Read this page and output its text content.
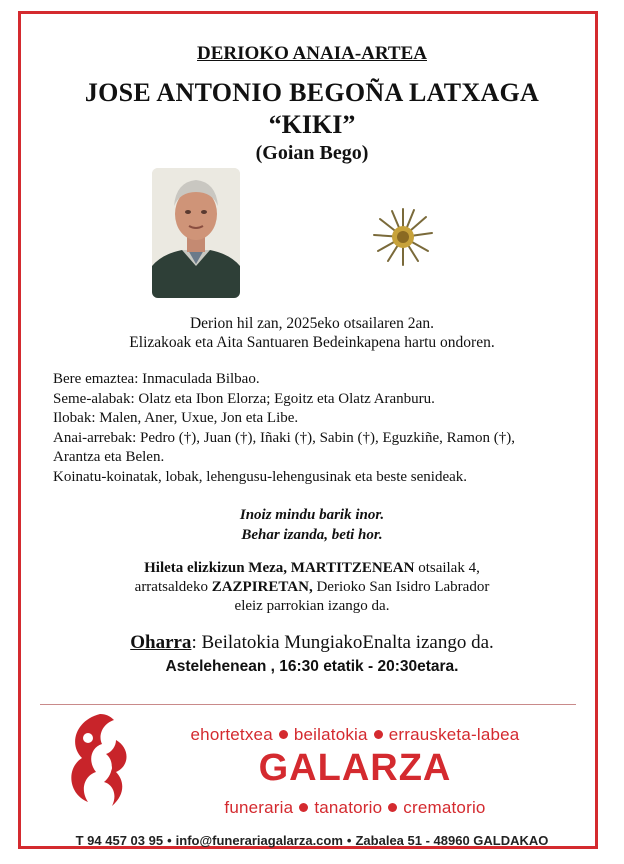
DERIOKO ANAIA-ARTEA
JOSE ANTONIO BEGOÑA LATXAGA
“KIKI”
(Goian Bego)
Derion hil zan, 2025eko otsailaren 2an.
Elizakoak eta Aita Santuaren Bedeinkapena hartu ondoren.
Bere emaztea: Inmaculada Bilbao.
Seme-alabak: Olatz eta Ibon Elorza; Egoitz eta Olatz Aranburu.
Ilobak: Malen, Aner, Uxue, Jon eta Libe.
Anai-arrebak: Pedro (†), Juan (†), Iñaki (†), Sabin (†), Eguzkiñe, Ramon (†),
Arantza eta Belen.
Koinatu-koinatak, lobak, lehengusu-lehengusinak eta beste senideak.
Inoiz mindu barik inor.
Behar izanda, beti hor.
Hileta elizkizun Meza, MARTITZENEAN otsailak 4,
arratsaldeko ZAZPIRETAN, Derioko San Isidro Labrador
eleiz parrokian izango da.
Oharra: Beilatokia MungiakoEnalta izango da.
Astelehenean , 16:30 etatik - 20:30etara.
ehortetxea beilatokia errausketa-labea
GALARZA
funeraria tanatorio crematorio
T 94 457 03 95 • info@funerariagalarza.com • Zabalea 51 - 48960 GALDAKAO
